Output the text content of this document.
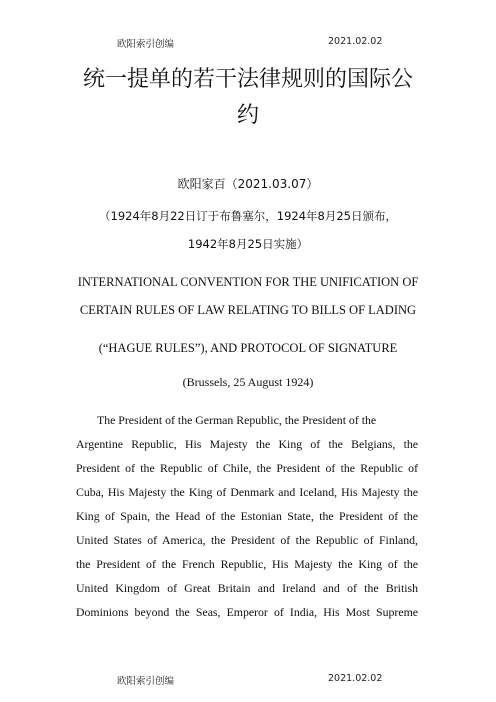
欧阳索引创编	2021.02.02
统一提单的若干法律规则的国际公
约
欧阳家百（2021.03.07）
（1924年8月22日订于布鲁塞尔，1924年8月25日颁布，
1942年8月25日实施）
INTERNATIONAL CONVENTION FOR THE UNIFICATION OF
CERTAIN RULES OF LAW RELATING TO BILLS OF LADING
(“HAGUE RULES”), AND PROTOCOL OF SIGNATURE
(Brussels, 25 August 1924)
The President of the German Republic, the President of the
Argentine Republic, His Majesty the King of the Belgians, the
President of the Republic of Chile, the President of the Republic of
Cuba, His Majesty the King of Denmark and Iceland, His Majesty the
King of Spain, the Head of the Estonian State, the President of the
United States of America, the President of the Republic of Finland,
the President of the French Republic, His Majesty the King of the
United Kingdom of Great Britain and Ireland and of the British
Dominions beyond the Seas, Emperor of India, His Most Supreme
欧阳索引创编	2021.02.02
